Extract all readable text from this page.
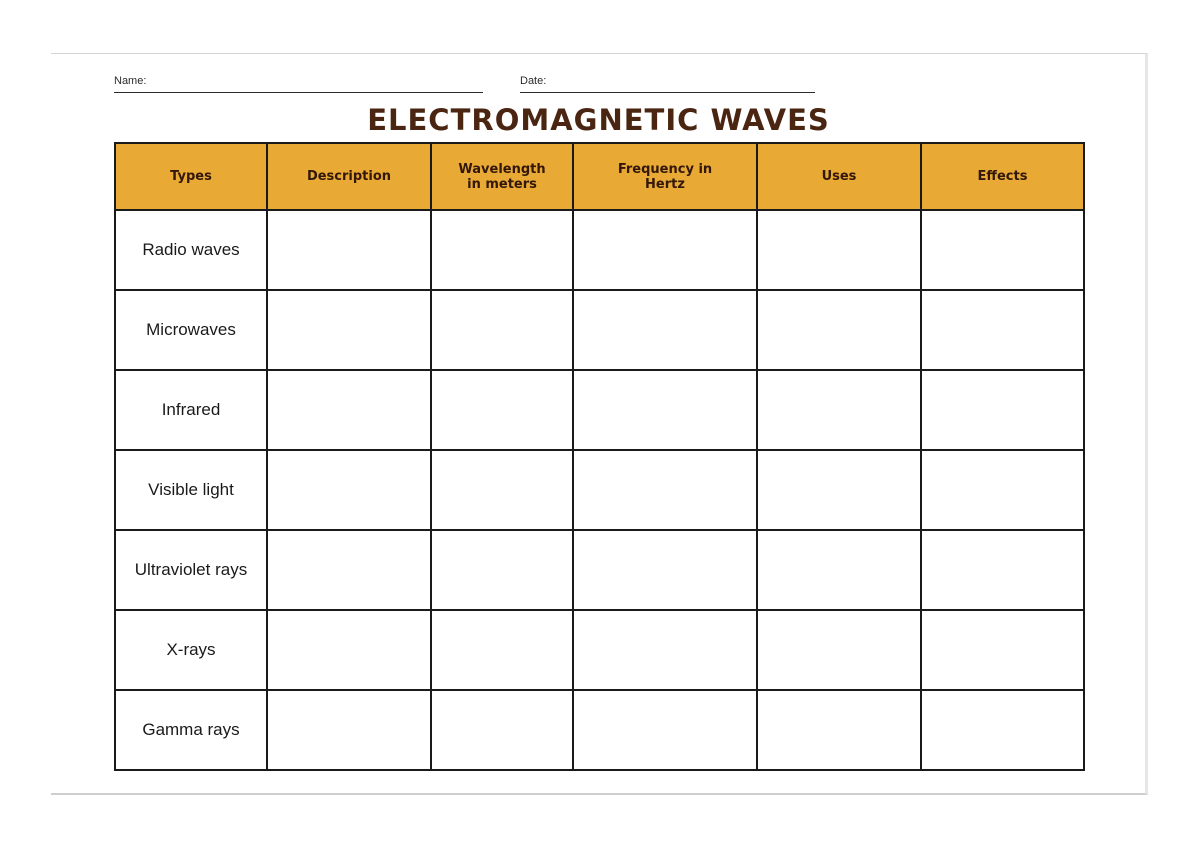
Name:	Date:
ELECTROMAGNETIC WAVES
Types	Description	Wavelength in meters	Frequency in Hertz	Uses	Effects
Radio waves					
Microwaves					
Infrared					
Visible light					
Ultraviolet rays					
X-rays					
Gamma rays					
